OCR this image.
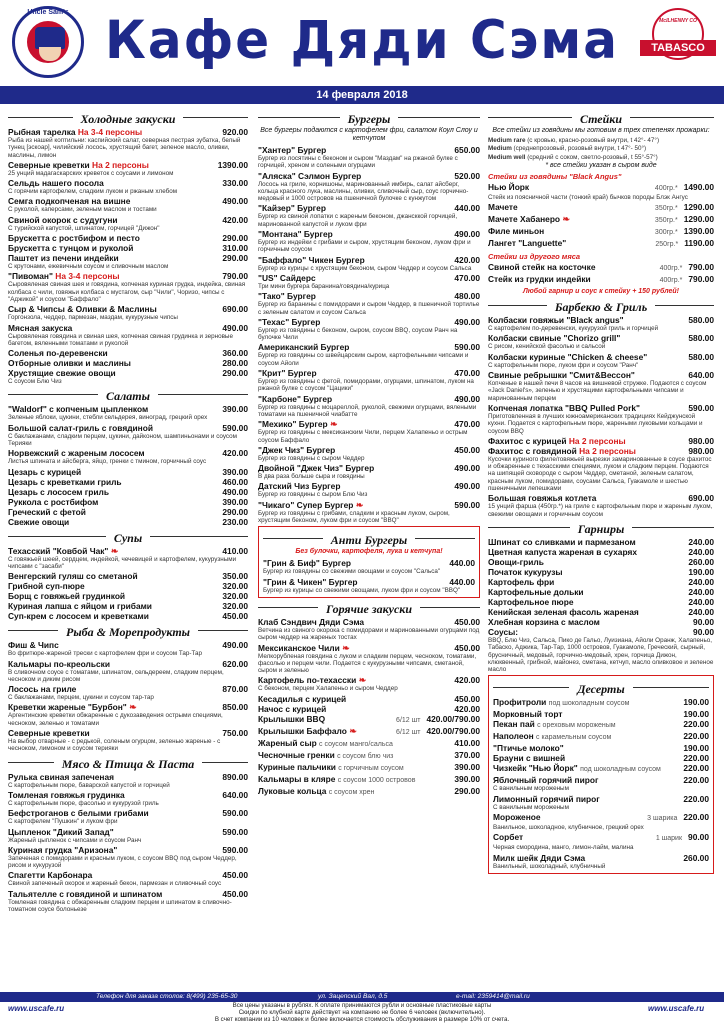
Uncle Sam's Кафе Дяди Сэма	McILHENNY CO
TABASCO
14 февраля 2018
Холодные закуски
Рыбная тарелка На 3-4 персоны	920.00
Рыба из нашей коптильни: каспийский салат, северная пестрая зубатка, белый тунец [эскоар], чилийский лосось, хрустящий багет, зеленое масло, оливки, маслины, лимон
Северные креветки На 2 персоны	1390.00
25 унций мадагаскарских креветок с соусами и лимоном
Сельдь нашего посола	330.00
С горячим картофелем, сладким луком и ржаным хлебом
Семга подкопченая на вишне	490.00
С руколой, каперсами, зеленым маслом и тостами
Свиной окорок с судугуни	420.00
С турийской капустой, шпинатом, горчицей "Дижон"
Брускетта с ростбифом и песто	290.00
Брускетта с тунцом и руколой	310.00
Паштет из печени индейки	290.00
С крутонами, ежевичным соусом и сливочным маслом
"Пивоман" На 3-4 персоны	790.00
Сыровяленая свиная шея и говядина, копченая куриная грудка, индейка, свиная колбаса с чили, говяжьи колбаса с мустагом, сыр "Чили", Чоризо, чипсы с "Аджикой" и соусом "Баффало"
Сыр & Чипсы & Оливки & Маслины	690.00
Горгонзола, чеддер, пармезан, маздам, кукурузные чипсы
Мясная закуска	490.00
Сыровяленая говядина и свиная шея, копченая свиная грудинка и зерновые багетом, вяленными томатами и руколой
Соленья по-деревенски	360.00
Отборные оливки и маслины	280.00
Хрустящие свежие овощи	290.00
С соусом Блю Чиз
Салаты
"Waldorf" с копченым цыпленком	390.00
Зеленые яблоки, цукини, стебли сельдерея, виноград, грецкий орех
Большой салат-гриль с говядиной	590.00
С баклажанами, сладким перцем, цукини, дайконом, шампиньонами и соусом Терияки
Норвежский с жареным лососем	420.00
Листья шпината и айсберга, яйцо, гренки с тмином, горчичный соус
Цезарь с курицей	390.00
Цезарь с креветками гриль	460.00
Цезарь с лососем гриль	490.00
Руккола с ростбифом	390.00
Греческий с фетой	290.00
Свежие овощи	230.00
Супы
Техасский "Ковбой Чак" ❧	410.00
С говяжьей шеей, сердцем, индейкой, чечевицей и картофелем, кукурузными чипсами с "засаби"
Венгерский гуляш со сметаной	350.00
Грибной суп-пюре	320.00
Борщ с говяжьей грудинкой	320.00
Куриная лапша с яйцом и грибами	320.00
Суп-крем с лососем и креветками	450.00
Рыба & Морепродукты
Фиш & Чипс	490.00
Во фритюре-жареной трески с картофелем фри и соусом Тар-Тар
Кальмары по-креольски	620.00
В сливочном соусе с томатами, шпинатом, сельдереем, сладким перцем, чесноком и диким рисом
Лосось на гриле	870.00
С баклажанами, перцем, цукини и соусом тар-тар
Креветки жареные "Бурбон" ❧	850.00
Аргентинские креветки обжаренные с дукозаведения острыми специями, чесноком, зеленью и томатами
Северные креветки	750.00
На выбор отварные - с редькой, соленым огурцом, зеленью жареные - с чесноком, лимоном и соусом терияки
Мясо & Птица & Паста
Рулька свиная запеченая	890.00
С картофельным пюре, баварской капустой и горчицей
Томленая говяжья грудинка	640.00
С картофельным пюре, фасолью и кукурузой гриль
Бефстроганов с белыми грибами	590.00
С картофелем "Пушкин" и луком фри
Цыпленок "Дикий Запад"	590.00
Жареный цыпленок с чипсами и соусом Ранч
Куриная грудка "Аризона"	590.00
Запеченая с помидорами и красным луком, с соусом BBQ под сыром Чеддер, рисом и кукурузой
Спагетти Карбонара	450.00
Свиной запеченый окорок и жареный бекон, пармезан и сливочный соус
Тальятелле с говядиной и шпинатом	450.00
Томленая говядина с обжаренным сладким перцем и шпинатом в сливочно-томатном соусе болоньезе
Бургеры
Все бургеры подаются с картофелем фри, салатом Коул Слоу и кетчупом
"Хантер" Бургер	650.00
Бургер из лосятины с беконом и сыром "Маздам" на ржаной булке с горчицей, хреном и солеными огурцами
"Аляска" Сэлмон Бургер	520.00
Лосось на гриле, корнишоны, маринованный имбирь, салат айсберг, кольца красного лука, маслины, оливки, сливочный сыр, соус горчично-медовый и 1000 островов на пшеничной булочке с кунжутом
"Кайзер" Бургер	440.00
Бургер из свиной лопатки с жареным беконом, джансккой горчицей, маринованной капустой и луком фри
"Монтана" Бургер	490.00
Бургер из индейки с грибами и сыром, хрустящим беконом, луком фри и горчичным соусом
"Баффало" Чикен Бургер	420.00
Бургер из курицы с хрустящим беконом, сыром Чеддер и соусом Сальса
"US" Сайдерс	470.00
Три мини бургера баранина/говядина/курица
"Тако" Бургер	480.00
Бургер из баранины с помидорами и сыром Чеддер, в пшеничной тортилье с зеленым салатом и соусом Сальса
"Техас" Бургер	490.00
Бургер из говядины с беконом, сыром, соусом BBQ, соусом Ранч на булочке Чили
Американский Бургер	590.00
Бургер из говядины со швейцарским сыром, картофельными чипсами и соусом Айоли
"Крит" Бургер	470.00
Бургер из говядины с фетой, помидорами, огурцами, шпинатом, луком на ржаной булке с соусом "Цацики"
"Карбоне" Бургер	490.00
Бургер из говядины с моцареллой, руколой, свежими огурцами, вялеными томатами на пшеничной чиабатте
"Мехико" Бургер ❧	470.00
Бургер из говядины с мексиканским Чили, перцем Халапеньо и острым соусом Баффало
"Джек Чиз" Бургер	450.00
Бургер из говядины с сыром Чеддер
Двойной "Джек Чиз" Бургер	490.00
В два раза больше сыра и говядины
Датский Чиз Бургер	490.00
Бургер из говядины с сыром Блю Чиз
"Чикаго" Супер Бургер ❧	590.00
Бургер из говядины с грибами, сладким и красным луком, сыром, хрустящим беконом, луком фри и соусом "BBQ"
Анти Бургеры
Без булочки, картофеля, лука и кетчупа!
"Грин & Биф" Бургер	440.00
Бургер из говядины со свежими овощами и соусом "Сальса"
"Грин & Чикен" Бургер	440.00
Бургер из курицы со свежими овощами, луком фри и соусом "BBQ"
Горячие закуски
Клаб Сэндвич Дяди Сэма	450.00
Ветчина из свиного окорока с помидорами и маринованными огурцами под сыром чеддер на жареных тостах
Мексиканское Чили ❧	450.00
Мелкорубленая говядина с луком и сладким перцем, чесноком, томатами, фасолью и перцем чили. Подается с кукурузными чипсами, сметаной, сыром и зеленью
Картофель по-техасски ❧	420.00
С беконом, перцем Халапеньо и сыром Чеддер
Кесадилья с курицей	450.00
Начос с курицей	420.00
Крылышки BBQ	6/12 шт 420.00/790.00
Крылышки Баффало ❧	6/12 шт 420.00/790.00
Жареный сыр с соусом манго/сальса	410.00
Чесночные гренки с соусом блю чиз	370.00
Куриные пальчики с горчичным соусом	390.00
Кальмары в кляре с соусом 1000 островов	390.00
Луковые кольца с соусом хрен	290.00
Стейки
Все стейки из говядины мы готовим в трех степенях прожарки:
Medium rare (с кровью, красно-розовый внутри, t 42°- 47°)
Medium (среднепрозовый, розовый внутри, t 47°- 50°)
Medium well (средний с соком, светло-розовый, t 55°-57°)
* все стейки указан в сыром виде
Стейки из говядины "Black Angus"
Нью Йорк	400гр.* 1490.00
Стейк из поясничной части (тонкий край) бычков породы Блэк Ангус
Мачете	350гр.* 1290.00
Мачете Хабанеро ❧	350гр.* 1290.00
Филе миньон	300гр.* 1390.00
Лангет "Languette"	250гр.* 1190.00
Стейки из другого мяса
Свиной стейк на косточке	400гр.* 790.00
Стейк из грудки индейки	400гр.* 790.00
Любой гарнир и соус к стейку + 150 рублей!
Барбекю & Гриль
Колбаски говяжьи "Black angus"	580.00
С картофелем по-деревенски, кукурузой гриль и горчицей
Колбаски свиные "Chorizo grill"	580.00
С рисом, кенийской фасолью и сальсой
Колбаски куриные "Chicken & cheese"	580.00
С картофельным пюре, луком фри и соусом "Ранч"
Свиные ребрышки "Смит&Вессон"	640.00
Копченые в нашей печи 8 часов на вишневой стружке. Подаются с соусом «Jack Daniel's», зеленью и хрустящими картофельными чипсами и маринованным перцем
Копченая лопатка "BBQ Pulled Pork"	590.00
Приготовленная в лучших южноамериканских традициях Кейджунской кухни. Подается с картофельным пюре, жареными луковыми кольцами и соусом BBQ
Фахитос с курицей На 2 персоны	980.00
Фахитос с говядиной На 2 персоны	980.00
Кусочки куриного филе/говяжьей вырезки замаринованные в соусе фахитос и обжаренные с техасскими специями, луком и сладким перцем. Подаются на шипящей сковороде с сыром Чеддер, сметаной, зеленым салатом, красным луком, помидорами, соусами Сальса, Гуакамоле и шестью пшеничными лепешками
Большая говяжья котлета	690.00
15 унций фарша (450гр.*) на гриле с картофельным пюре и жареным луком, свежими овощами и горчичным соусом
Гарниры
Шпинат со сливками и пармезаном	240.00
Цветная капуста жареная в сухарях	240.00
Овощи-гриль	260.00
Початок кукурузы	190.00
Картофель фри	240.00
Картофельные дольки	240.00
Картофельное пюре	240.00
Кенийская зеленая фасоль жареная	240.00
Хлебная корзина с маслом	90.00
Соусы:	90.00
BBQ, Блю Чиз, Сальса, Пико де Гальо, Луизиана, Айоли Оранж, Халапеньо, Табаско, Аджика, Тар-Тар, 1000 островов, Гуакамоле, Греческий, сырный, брусничный, медовый, горчично-медовый, хрен, горчица Дижон, клюквенный, грибной, майонез, сметана, кетчуп, масло оливковое и зеленое масло
Десерты
Профитроли под шоколадным соусом	190.00
Морковный торт	190.00
Пекан пай с ореховым мороженым	220.00
Наполеон с карамельным соусом	220.00
"Птичье молоко"	190.00
Брауни с вишней	220.00
Чизкейк "Нью Йорк" под шоколадным соусом	220.00
Яблочный горячий пирог	220.00
С ванильным мороженым
Лимонный горячий пирог	220.00
С ванильным мороженым
Мороженое	3 шарика 220.00
Ванильное, шоколадное, клубничное, грецкий орех
Сорбет	1 шарик 90.00
Черная смородина, манго, лимон-лайм, малина
Милк шейк Дяди Сэма	260.00
Ванильный, шоколадный, клубничный
Телефон для заказа столов: 8(499) 235-65-30	ул. Зацепский Вал, д.5	e-mail: 2359414@mail.ru
www.uscafe.ru	Все цены указаны в рублях. К оплате принимаются рубли и основные пластиковые карты
Скидки по клубной карте действует на компанию не более 6 человек (включительно).
В счет компании из 10 человек и более включается стоимость обслуживания в размере 10% от счета.
www.uscafe.ru
